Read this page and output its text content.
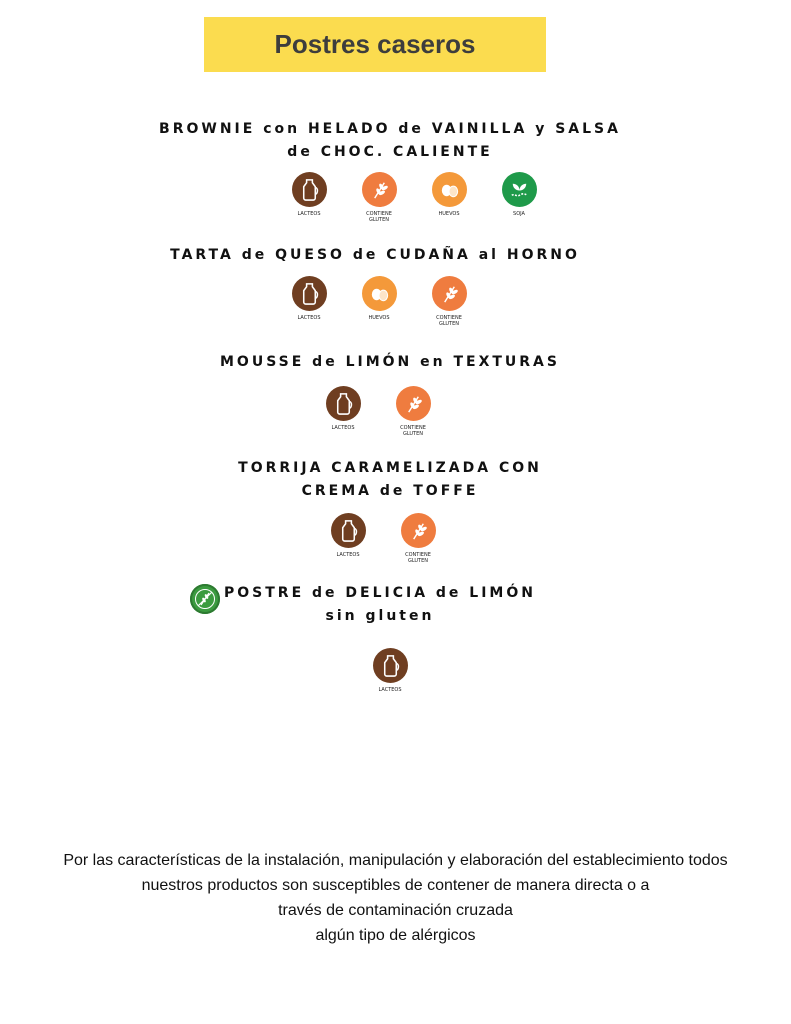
Postres caseros
BROWNIE con HELADO de VAINILLA y SALSA
de CHOC. CALIENTE
LACTEOS	CONTIENE GLUTEN
HUEVOS	SOJA
TARTA de QUESO de CUDAÑA al HORNO
LACTEOS	HUEVOS	CONTIENE GLUTEN
MOUSSE de LIMÓN en TEXTURAS
LACTEOS	CONTIENE GLUTEN
TORRIJA CARAMELIZADA CON
CREMA de TOFFE
LACTEOS	CONTIENE GLUTEN
POSTRE de DELICIA de LIMÓN
sin gluten
LACTEOS
Por las características de la instalación, manipulación y elaboración del establecimiento todos
nuestros productos son susceptibles de contener de manera directa o a
través de contaminación cruzada
algún tipo de alérgicos
